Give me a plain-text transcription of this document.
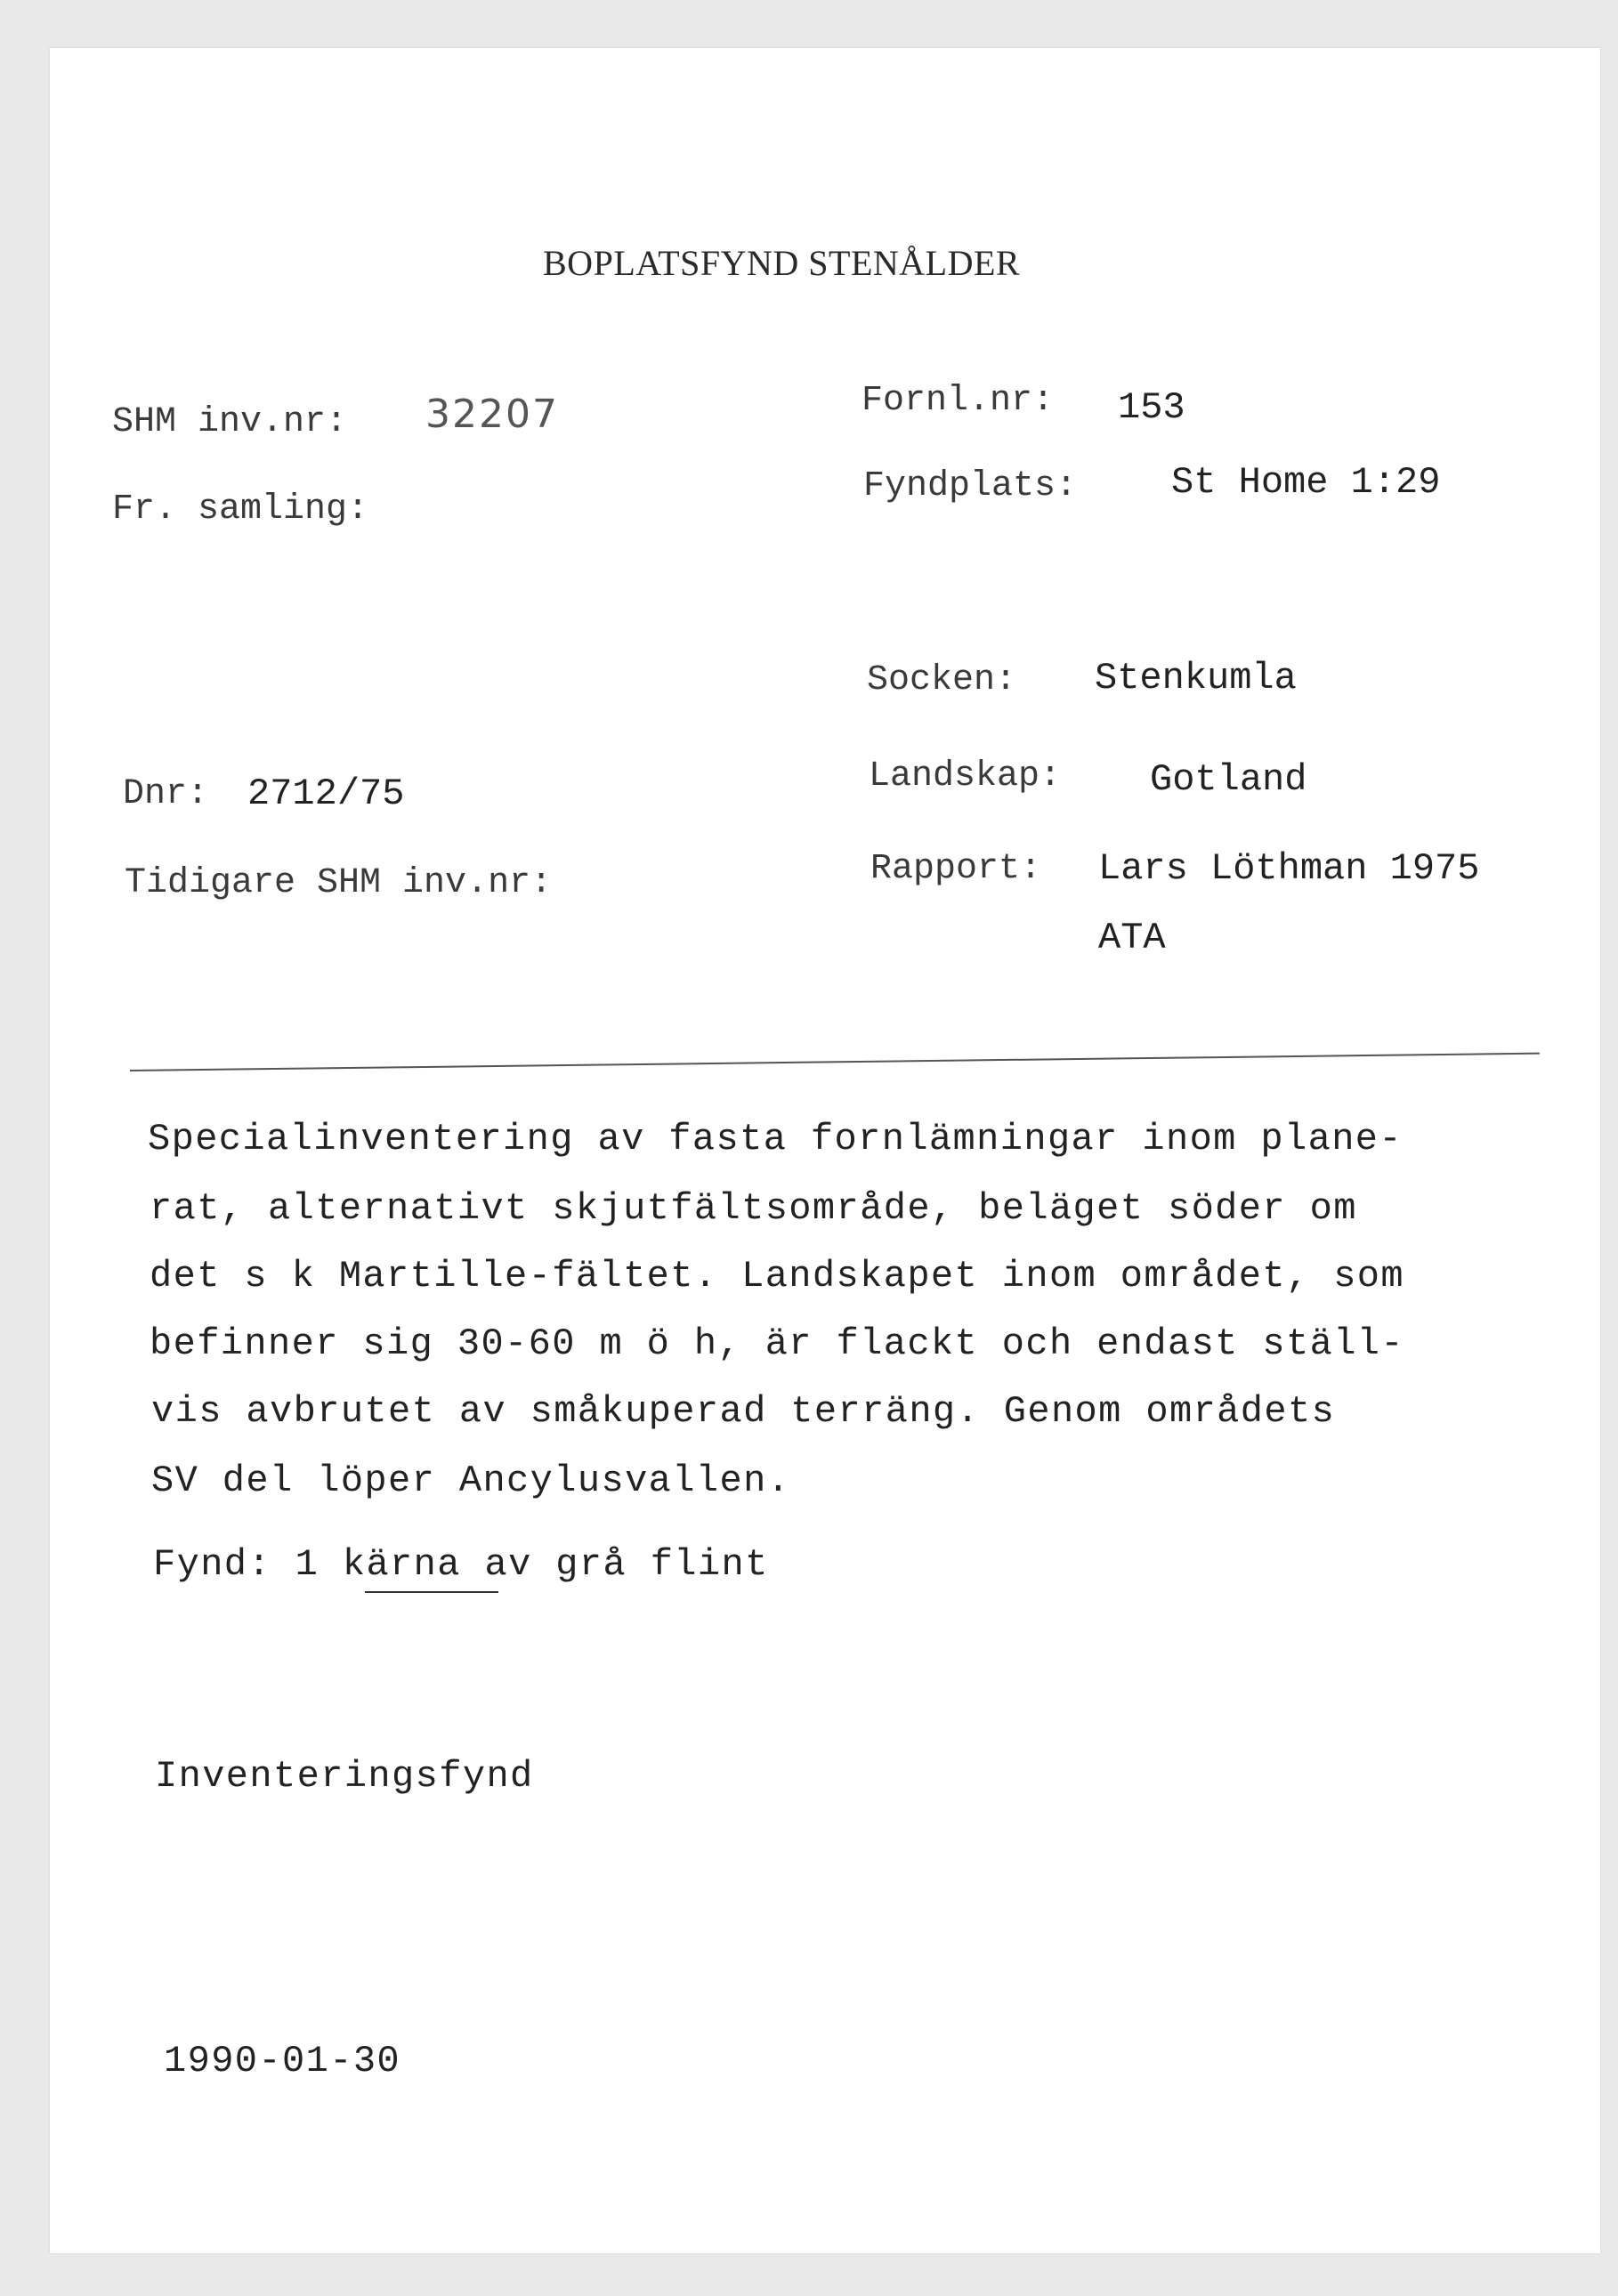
BOPLATSFYND STENÅLDER
SHM inv.nr: 32207
Fr. samling:
Dnr: 2712/75
Tidigare SHM inv.nr:
Fornl.nr: 153
Fyndplats:	St Home 1:29
Socken: Stenkumla
Landskap: Gotland
Rapport: Lars Löthman 1975
ATA
Specialinventering av fasta fornlämningar inom plane-
rat, alternativt skjutfältsområde, beläget söder om
det s k Martille-fältet. Landskapet inom området, som
befinner sig 30-60 m ö h, är flackt och endast ställ-
vis avbrutet av småkuperad terräng. Genom områdets
SV del löper Ancylusvallen.
Fynd: 1 kärna av grå flint
Inventeringsfynd
1990-01-30
